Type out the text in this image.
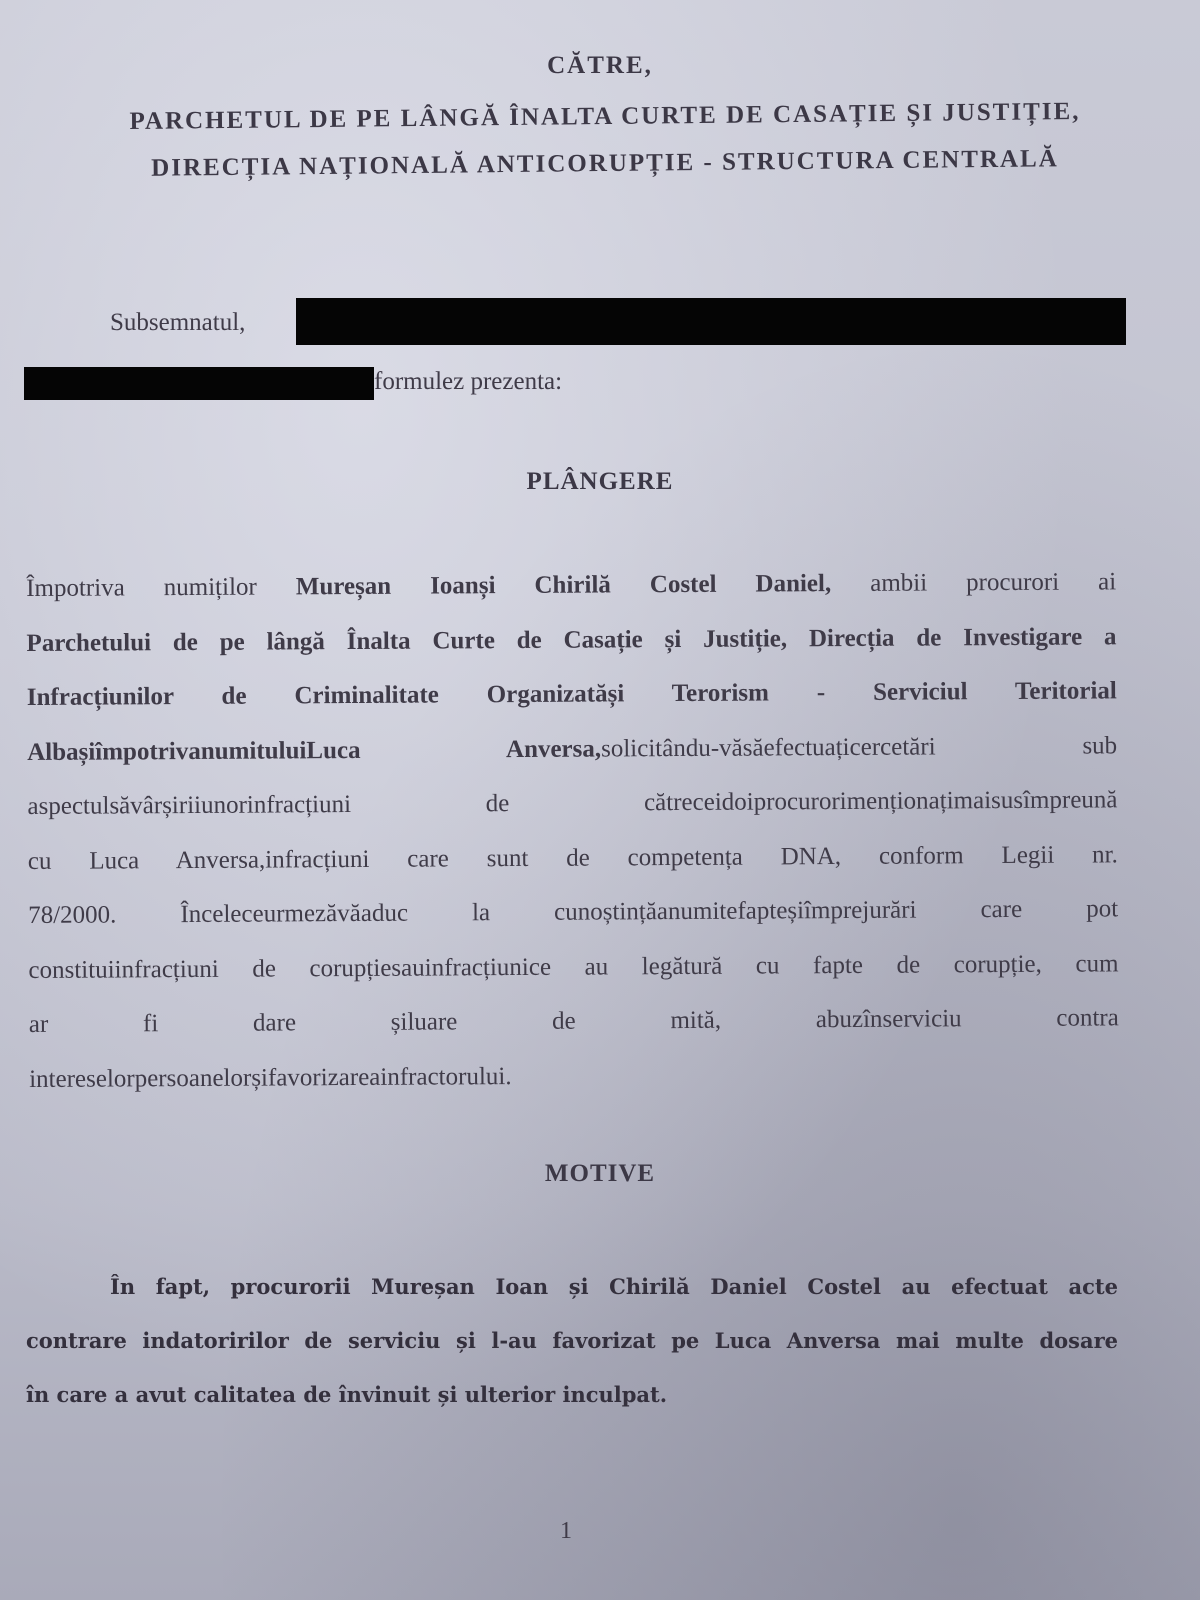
CĂTRE,
PARCHETUL DE PE LÂNGĂ ÎNALTA CURTE DE CASAȚIE ȘI JUSTIȚIE,
DIRECȚIA NAȚIONALĂ ANTICORUPȚIE - STRUCTURA CENTRALĂ
Subsemnatul,
formulez prezenta:
PLÂNGERE
Împotriva numiților Mureșan Ioanși Chirilă Costel Daniel, ambii procurori ai
Parchetului de pe lângă Înalta Curte de Casație și Justiție, Direcția de Investigare a
Infracțiunilor de Criminalitate Organizatăși Terorism - Serviciul Teritorial
AlbașiîmpotrivanumituluiLuca Anversa,solicitându-văsăefectuațicercetări sub
aspectulsăvârșiriiunorinfracțiuni de cătreceidoiprocurorimenționațimaisusîmpreună
cu Luca Anversa,infracțiuni care sunt de competența DNA, conform Legii nr.
78/2000. Înceleceurmezăvăaduc la cunoștințăanumitefapteșiîmprejurări care pot
constituiinfracțiuni de corupțiesauinfracțiunice au legătură cu fapte de corupție, cum
ar fi dare șiluare de mită, abuzînserviciu contra
intereselorpersoanelorșifavorizareainfractorului.
MOTIVE
În fapt, procurorii Mureșan Ioan și Chirilă Daniel Costel au efectuat acte
contrare indatoririlor de serviciu și l-au favorizat pe Luca Anversa mai multe dosare
în care a avut calitatea de învinuit și ulterior inculpat.
1
